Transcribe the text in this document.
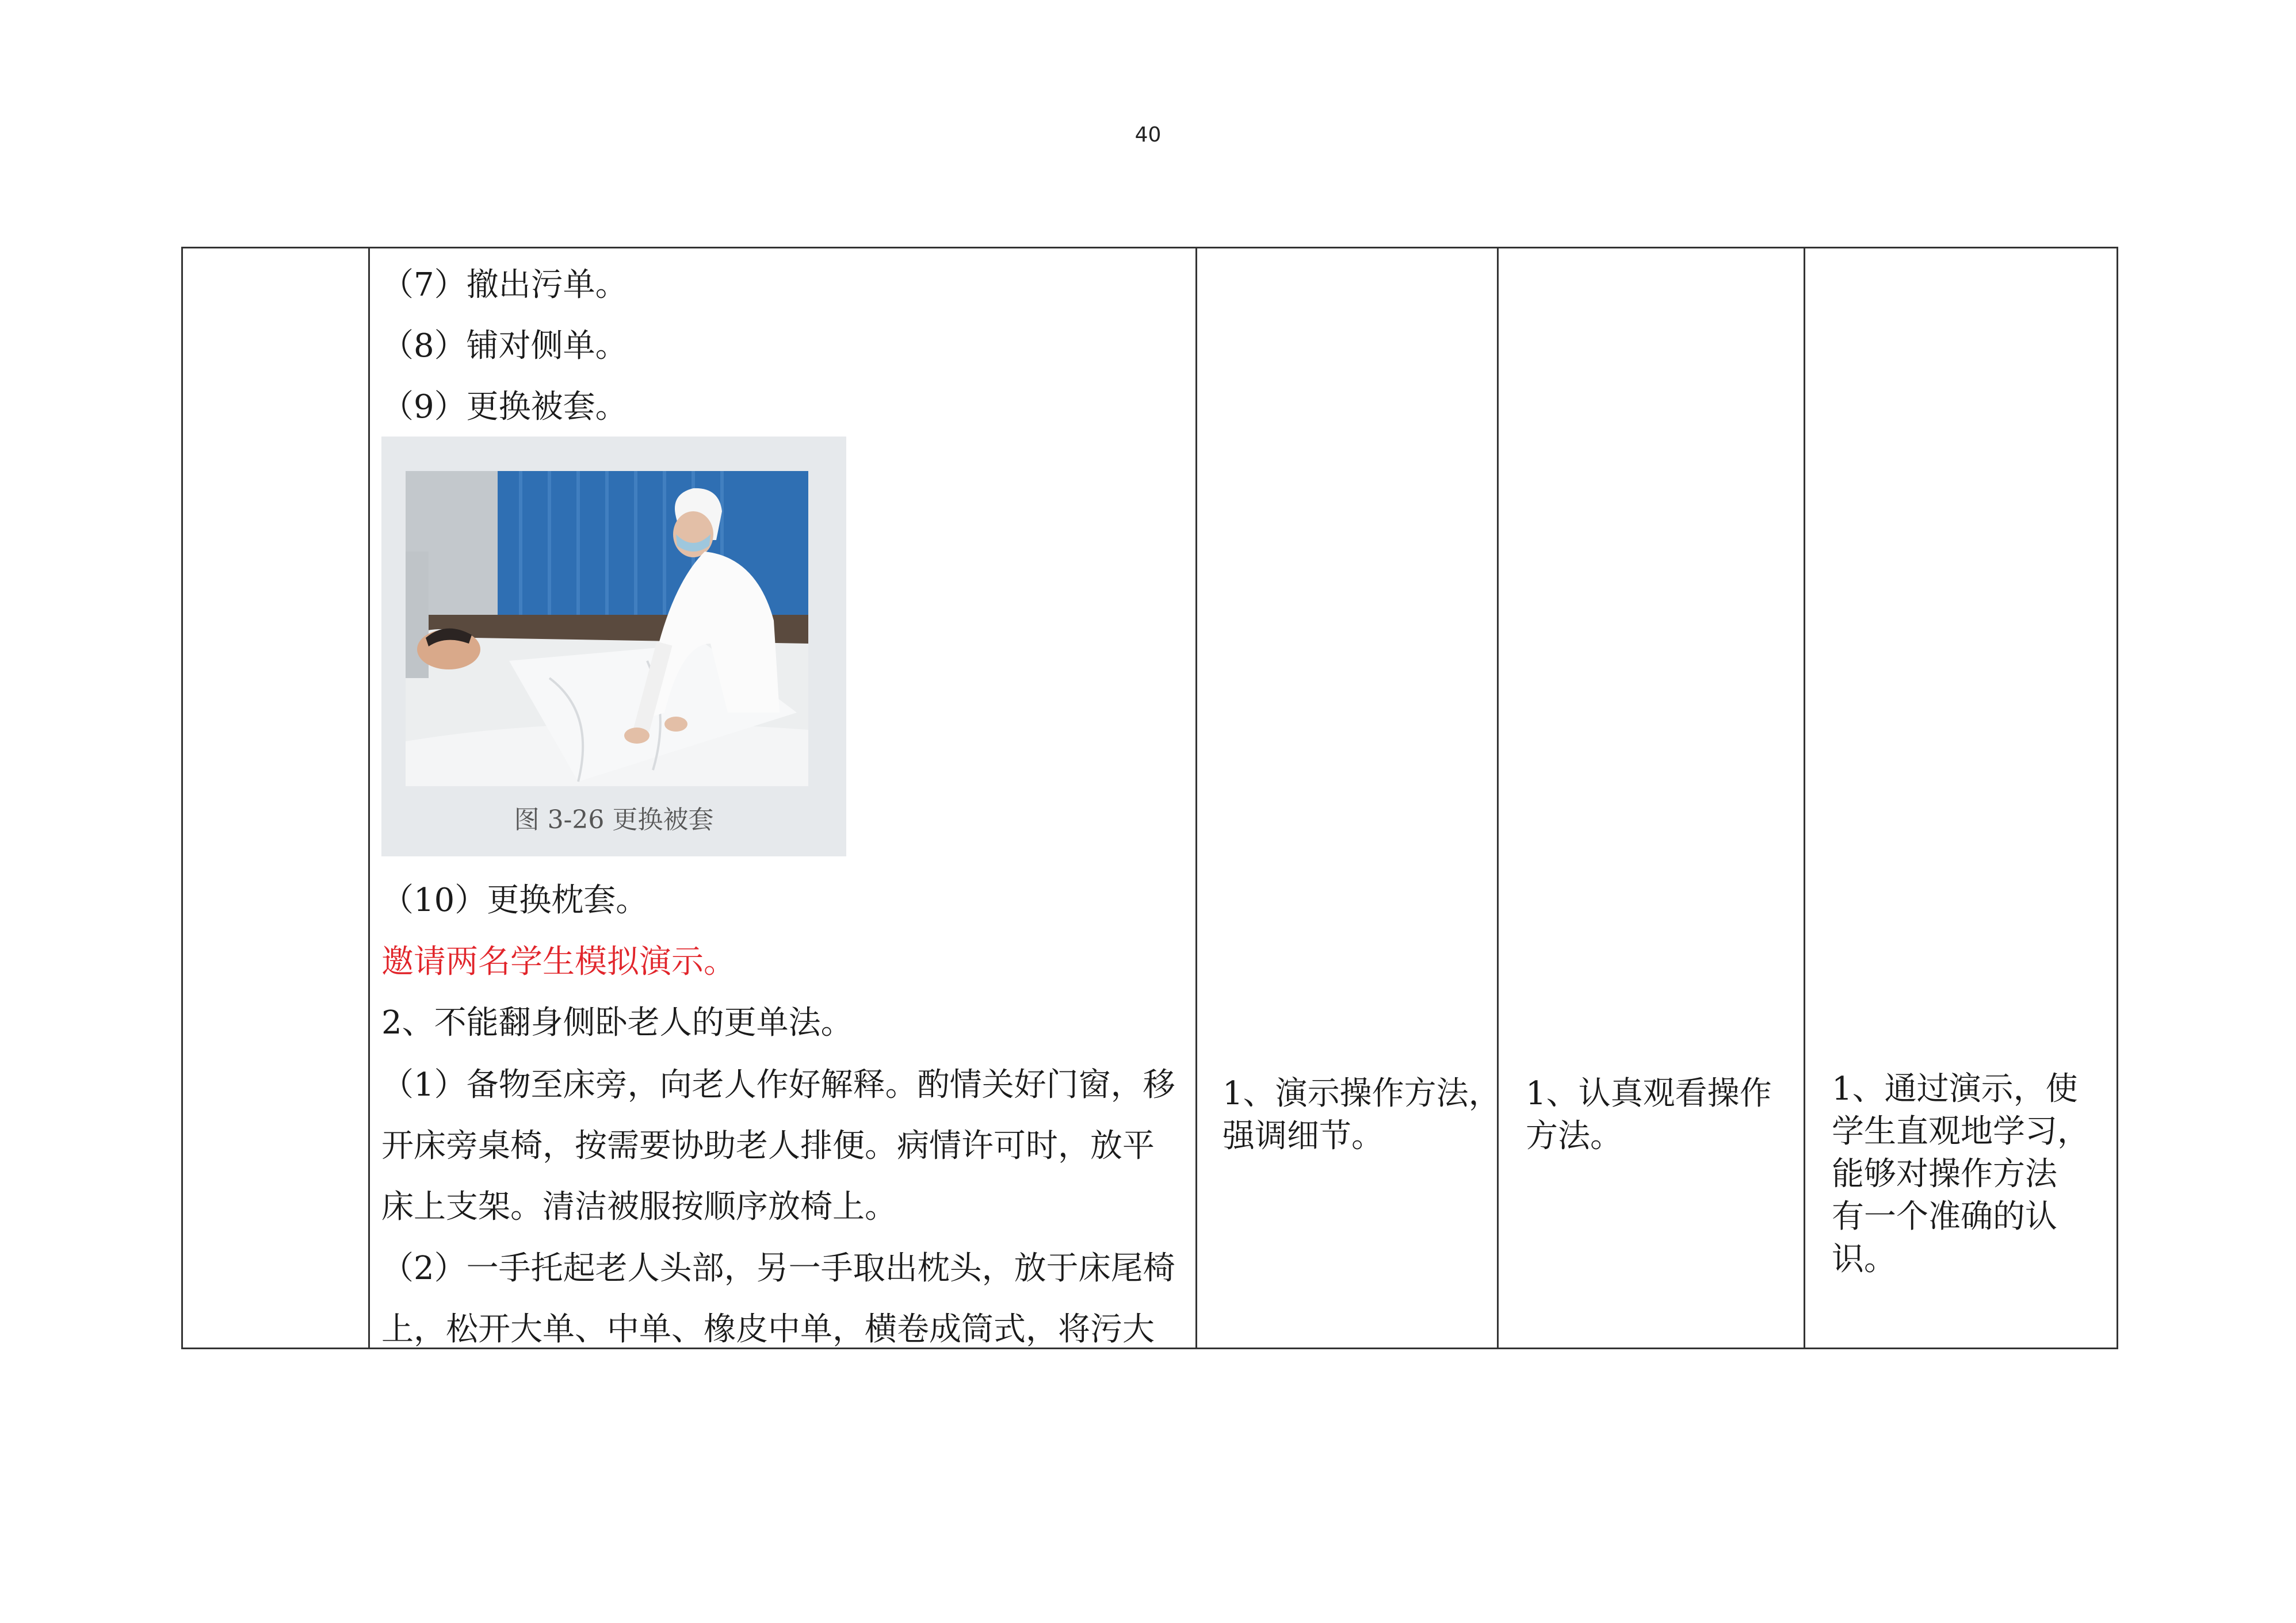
40
（7）撤出污单。
（8）铺对侧单。
（9）更换被套。
图 3-26 更换被套
（10）更换枕套。
邀请两名学生模拟演示。
2、不能翻身侧卧老人的更单法。
（1）备物至床旁，向老人作好解释。酌情关好门窗，移
开床旁桌椅，按需要协助老人排便。病情许可时，放平
床上支架。清洁被服按顺序放椅上。
（2）一手托起老人头部，另一手取出枕头，放于床尾椅
上，松开大单、中单、橡皮中单，横卷成筒式，将污大
1、演示操作方法，
强调细节。
1、认真观看操作
方法。
1、通过演示，使
学生直观地学习，
能够对操作方法
有一个准确的认
识。
